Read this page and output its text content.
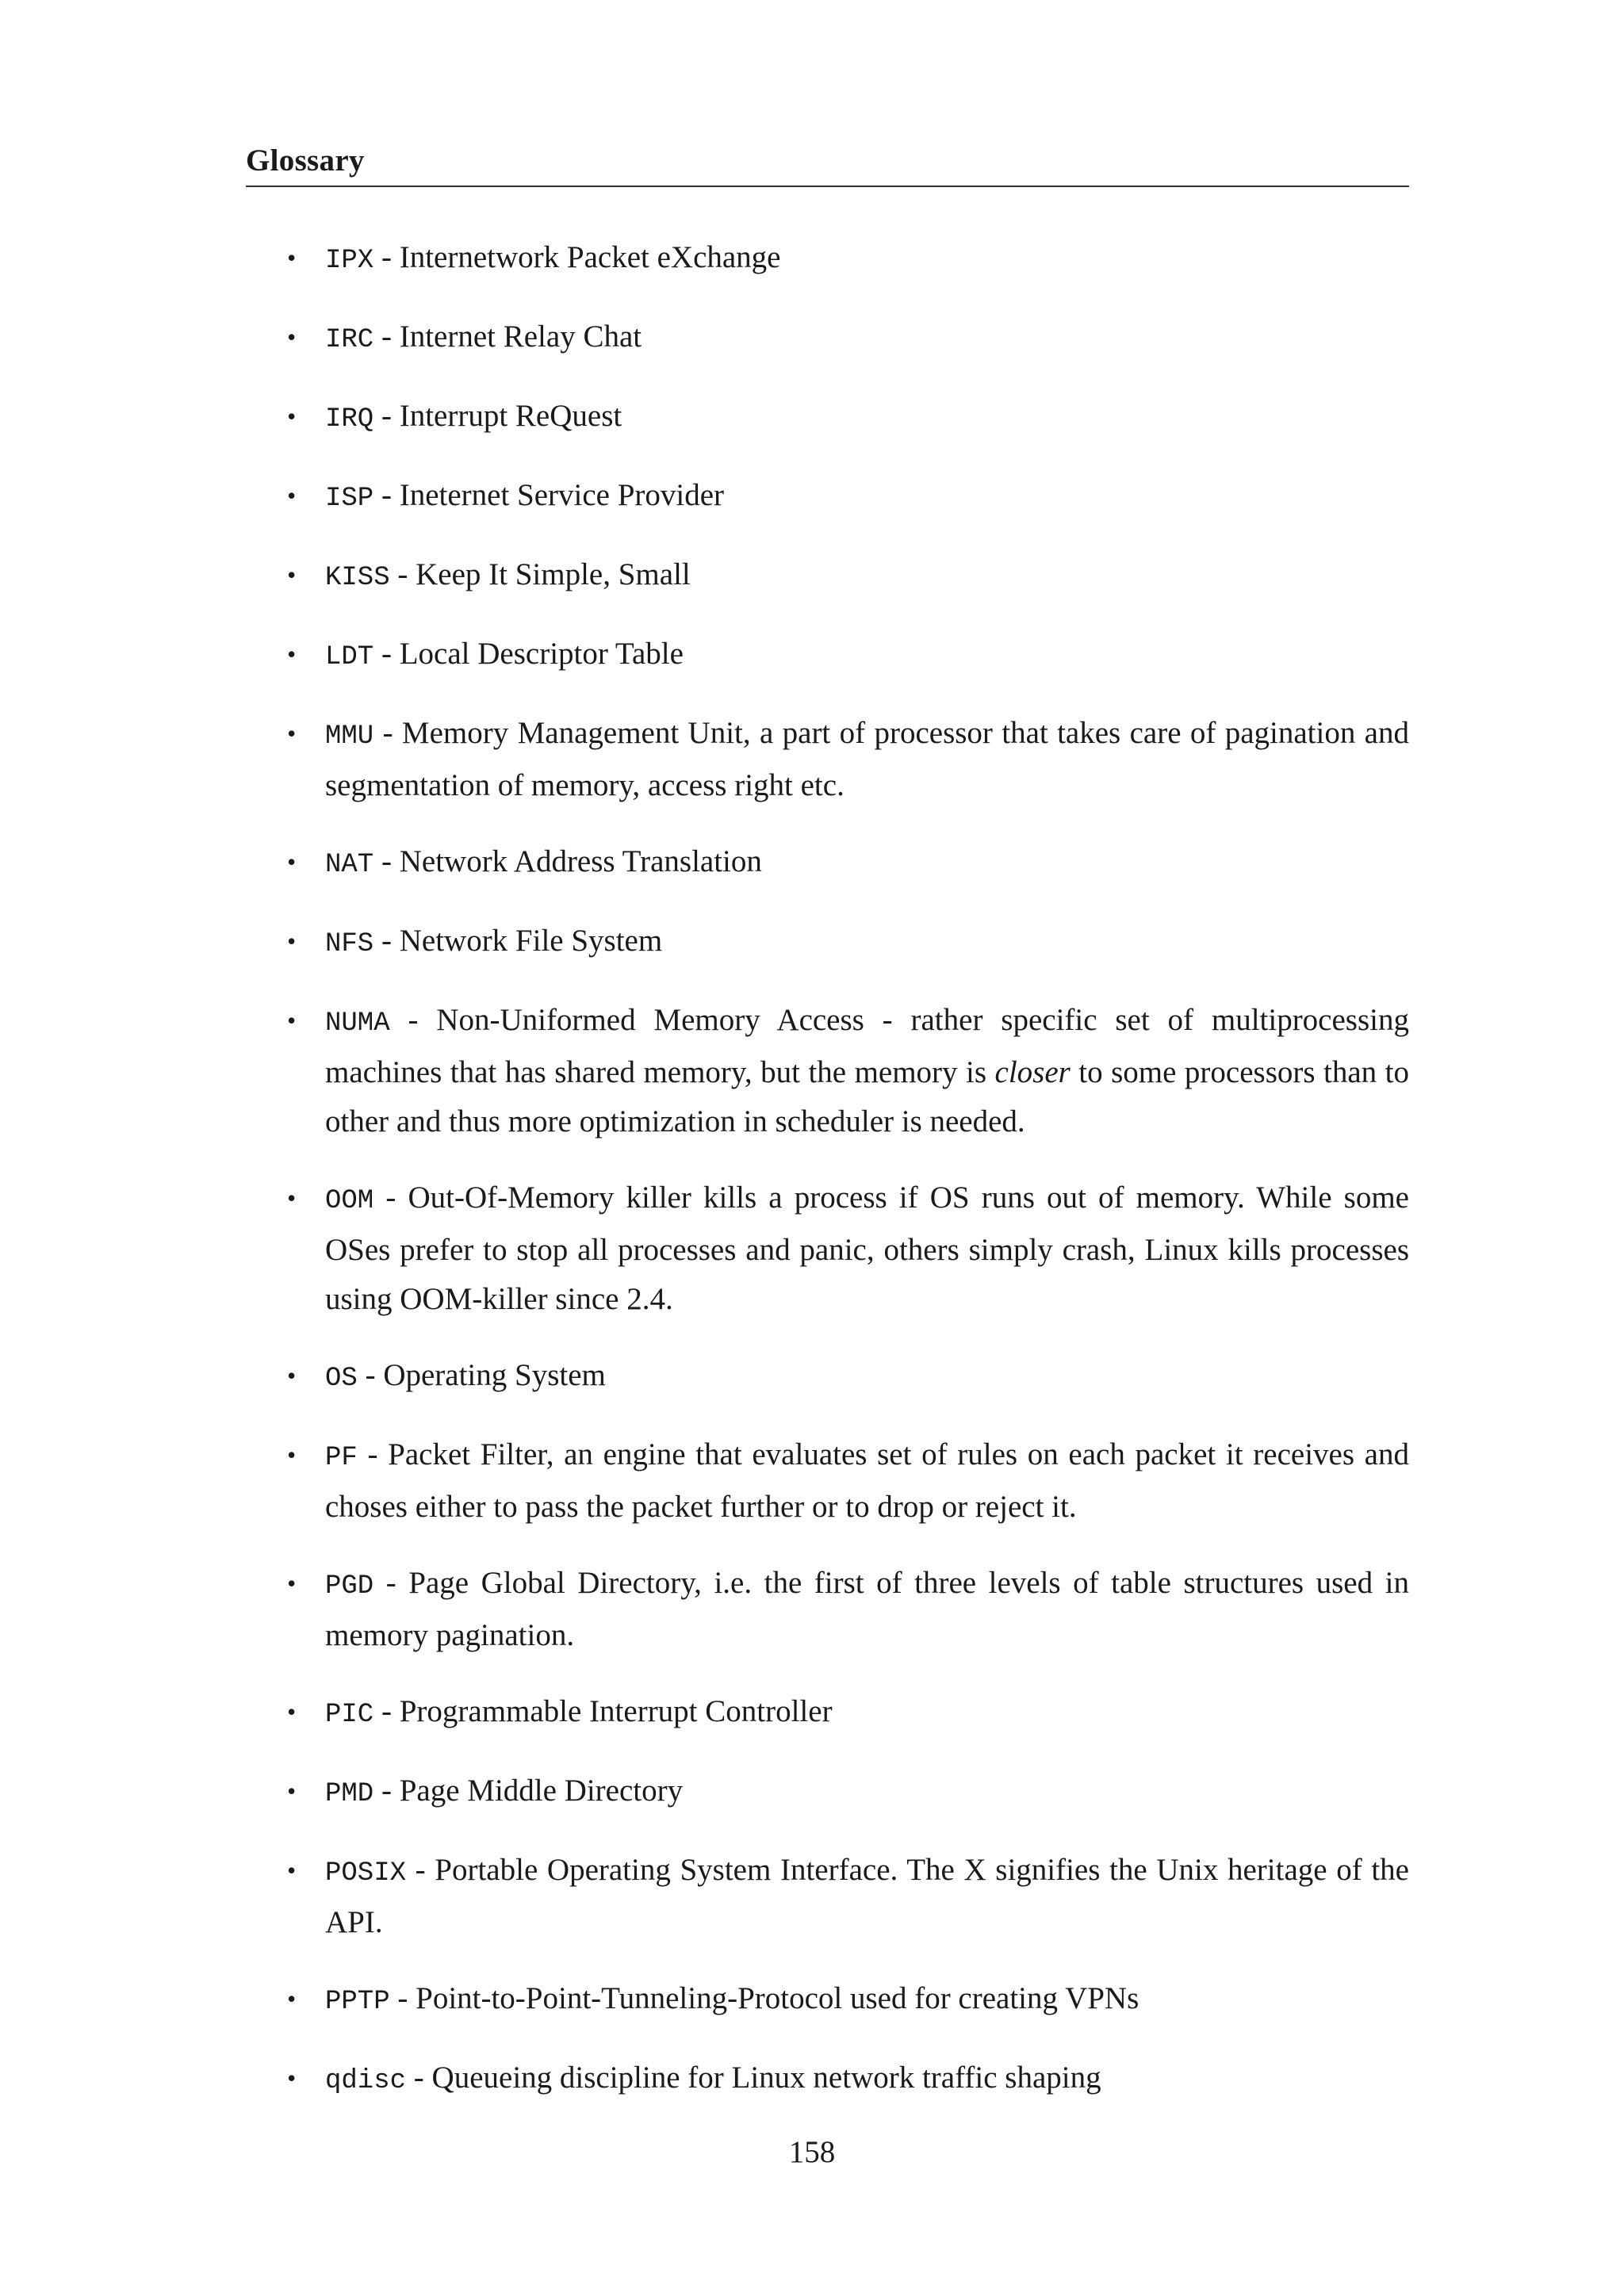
Glossary
• IPX - Internetwork Packet eXchange
• IRC - Internet Relay Chat
• IRQ - Interrupt ReQuest
• ISP - Ineternet Service Provider
• KISS - Keep It Simple, Small
• LDT - Local Descriptor Table
• MMU - Memory Management Unit, a part of processor that takes care of pagination and segmentation of memory, access right etc.
• NAT - Network Address Translation
• NFS - Network File System
• NUMA - Non-Uniformed Memory Access - rather specific set of multiprocessing machines that has shared memory, but the memory is closer to some processors than to other and thus more optimization in scheduler is needed.
• OOM - Out-Of-Memory killer kills a process if OS runs out of memory. While some OSes prefer to stop all processes and panic, others simply crash, Linux kills processes using OOM-killer since 2.4.
• OS - Operating System
• PF - Packet Filter, an engine that evaluates set of rules on each packet it receives and choses either to pass the packet further or to drop or reject it.
• PGD - Page Global Directory, i.e. the first of three levels of table structures used in memory pagination.
• PIC - Programmable Interrupt Controller
• PMD - Page Middle Directory
• POSIX - Portable Operating System Interface. The X signifies the Unix heritage of the API.
• PPTP - Point-to-Point-Tunneling-Protocol used for creating VPNs
• qdisc - Queueing discipline for Linux network traffic shaping
158
